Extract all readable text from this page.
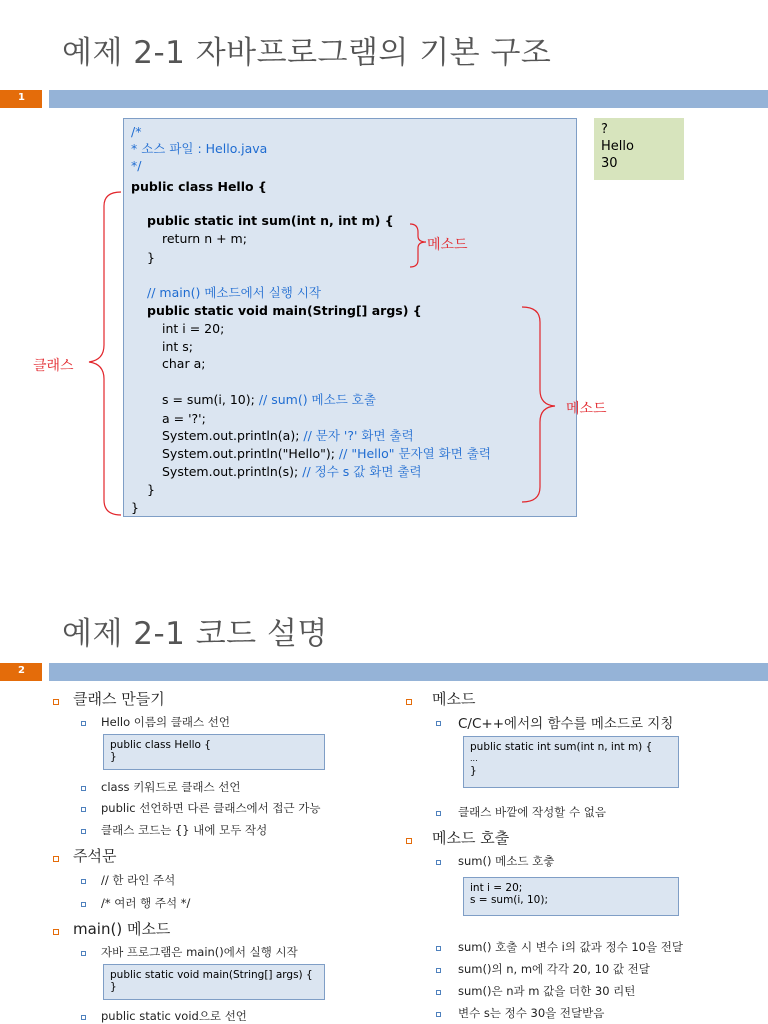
예제 2-1 자바프로그램의 기본 구조
1
/*
* 소스 파일 : Hello.java
*/
public class Hello {
public static int sum(int n, int m) {
return n + m;
}
// main() 메소드에서 실행 시작
public static void main(String[] args) {
int i = 20;
int s;
char a;
s = sum(i, 10); // sum() 메소드 호출
a = '?';
System.out.println(a); // 문자 '?' 화면 출력
System.out.println("Hello"); // "Hello" 문자열 화면 출력
System.out.println(s); // 정수 s 값 화면 출력
}
}
?
Hello
30
메소드
클래스
메소드
예제 2-1 코드 설명
2
클래스 만들기
Hello 이름의 클래스 선언
public class Hello {
}
class 키워드로 클래스 선언
public 선언하면 다른 클래스에서 접근 가능
클래스 코드는 {} 내에 모두 작성
주석문
// 한 라인 주석
/* 여러 행 주석 */
main() 메소드
자바 프로그램은 main()에서 실행 시작
public static void main(String[] args) {
}
public static void으로 선언
메소드
C/C++에서의 함수를 메소드로 지칭
public static int sum(int n, int m) {
...
}
클래스 바깥에 작성할 수 없음
메소드 호출
sum() 메소드 호춯
int i = 20;
s = sum(i, 10);
sum() 호출 시 변수 i의 값과 정수 10을 전달
sum()의 n, m에 각각 20, 10 값 전달
sum()은 n과 m 값을 더한 30 리턴
변수 s는 정수 30을 전달받음
